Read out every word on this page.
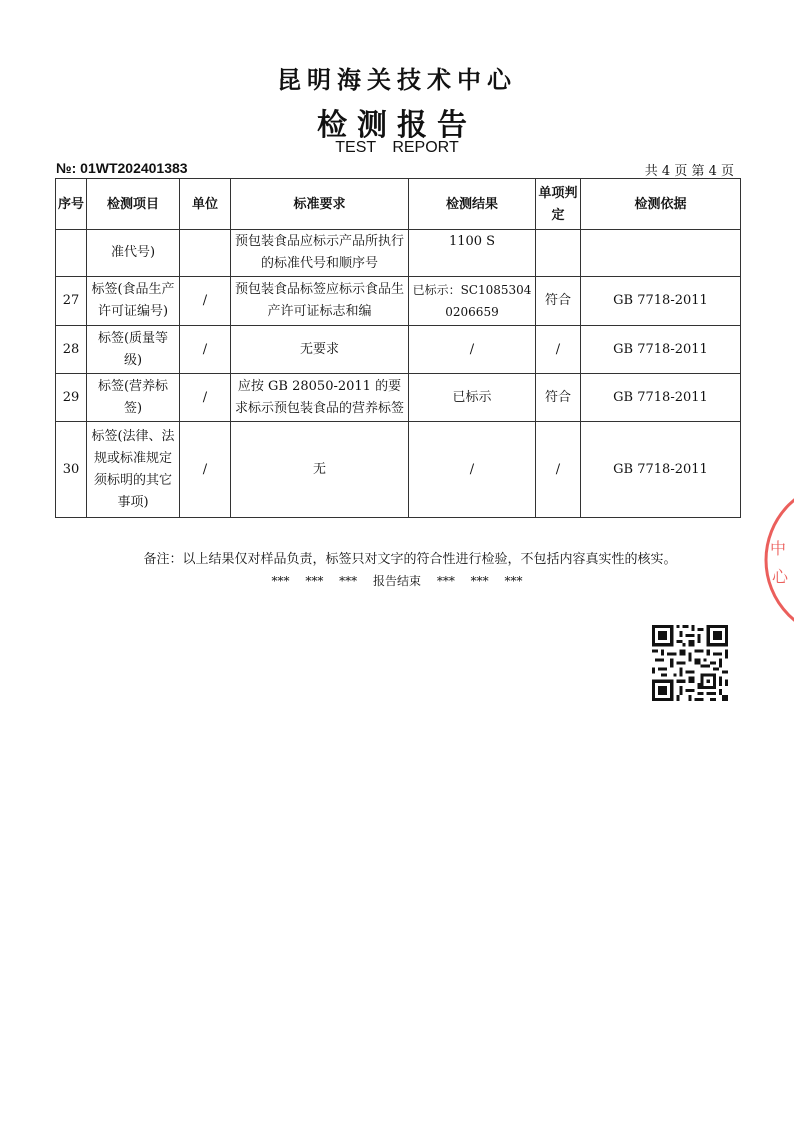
昆明海关技术中心
检测报告
TEST REPORT
№: 01WT202401383	共 4 页 第 4 页
序号	检测项目	单位	标准要求	检测结果	单项判定	检测依据
	准代号)		预包装食品应标示产品所执行的标准代号和顺序号	1100 S		
27	标签(食品生产许可证编号)	/	预包装食品标签应标示食品生产许可证标志和编	已标示：SC10853040206659	符合	GB 7718-2011
28	标签(质量等级)	/	无要求	/	/	GB 7718-2011
29	标签(营养标签)	/	应按 GB 28050-2011 的要求标示预包装食品的营养标签	已标示	符合	GB 7718-2011
30	标签(法律、法规或标准规定须标明的其它事项)	/	无	/	/	GB 7718-2011
备注：以上结果仅对样品负责，标签只对文字的符合性进行检验，不包括内容真实性的核实。
*** *** *** 报告结束 *** *** ***
中
心
